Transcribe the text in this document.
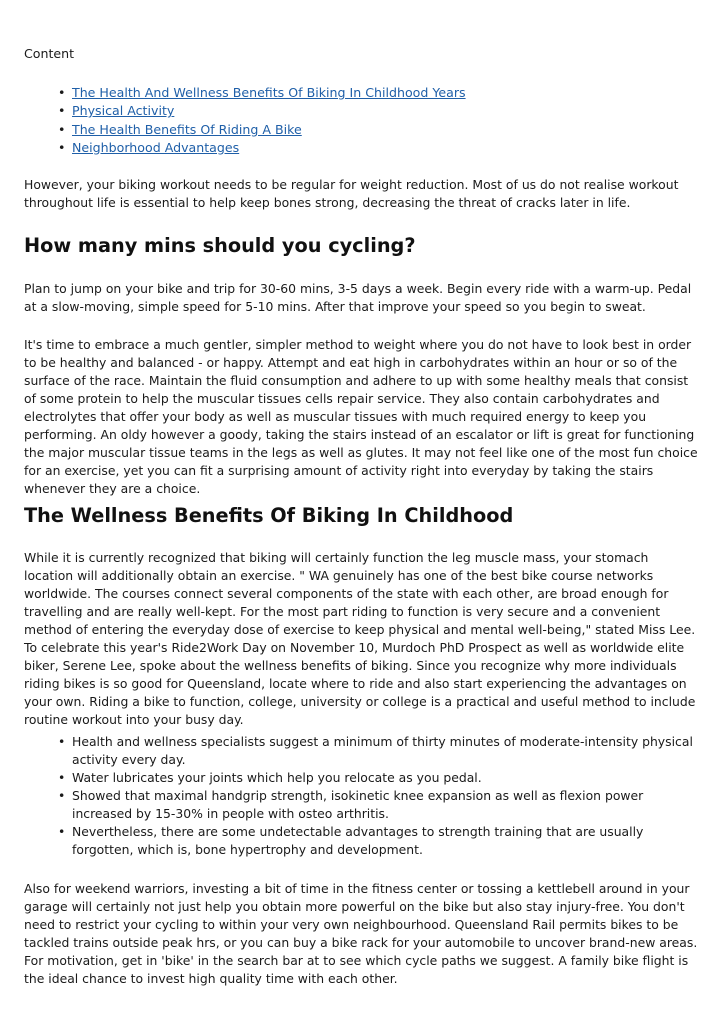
Content
• The Health And Wellness Benefits Of Biking In Childhood Years
• Physical Activity
• The Health Benefits Of Riding A Bike
• Neighborhood Advantages

However, your biking workout needs to be regular for weight reduction. Most of us do not realise workout throughout life is essential to help keep bones strong, decreasing the threat of cracks later in life.

How many mins should you cycling?

Plan to jump on your bike and trip for 30-60 mins, 3-5 days a week. Begin every ride with a warm-up. Pedal at a slow-moving, simple speed for 5-10 mins. After that improve your speed so you begin to sweat.

It's time to embrace a much gentler, simpler method to weight where you do not have to look best in order to be healthy and balanced - or happy. Attempt and eat high in carbohydrates within an hour or so of the surface of the race. Maintain the fluid consumption and adhere to up with some healthy meals that consist of some protein to help the muscular tissues cells repair service. They also contain carbohydrates and electrolytes that offer your body as well as muscular tissues with much required energy to keep you performing. An oldy however a goody, taking the stairs instead of an escalator or lift is great for functioning the major muscular tissue teams in the legs as well as glutes. It may not feel like one of the most fun choice for an exercise, yet you can fit a surprising amount of activity right into everyday by taking the stairs whenever they are a choice.

The Wellness Benefits Of Biking In Childhood

While it is currently recognized that biking will certainly function the leg muscle mass, your stomach location will additionally obtain an exercise. " WA genuinely has one of the best bike course networks worldwide. The courses connect several components of the state with each other, are broad enough for travelling and are really well-kept. For the most part riding to function is very secure and a convenient method of entering the everyday dose of exercise to keep physical and mental well-being," stated Miss Lee. To celebrate this year's Ride2Work Day on November 10, Murdoch PhD Prospect as well as worldwide elite biker, Serene Lee, spoke about the wellness benefits of biking. Since you recognize why more individuals riding bikes is so good for Queensland, locate where to ride and also start experiencing the advantages on your own. Riding a bike to function, college, university or college is a practical and useful method to include routine workout into your busy day.

• Health and wellness specialists suggest a minimum of thirty minutes of moderate-intensity physical activity every day.
• Water lubricates your joints which help you relocate as you pedal.
• Showed that maximal handgrip strength, isokinetic knee expansion as well as flexion power increased by 15-30% in people with osteo arthritis.
• Nevertheless, there are some undetectable advantages to strength training that are usually forgotten, which is, bone hypertrophy and development.

Also for weekend warriors, investing a bit of time in the fitness center or tossing a kettlebell around in your garage will certainly not just help you obtain more powerful on the bike but also stay injury-free. You don't need to restrict your cycling to within your very own neighbourhood. Queensland Rail permits bikes to be tackled trains outside peak hrs, or you can buy a bike rack for your automobile to uncover brand-new areas. For motivation, get in 'bike' in the search bar at to see which cycle paths we suggest. A family bike flight is the ideal chance to invest high quality time with each other.
